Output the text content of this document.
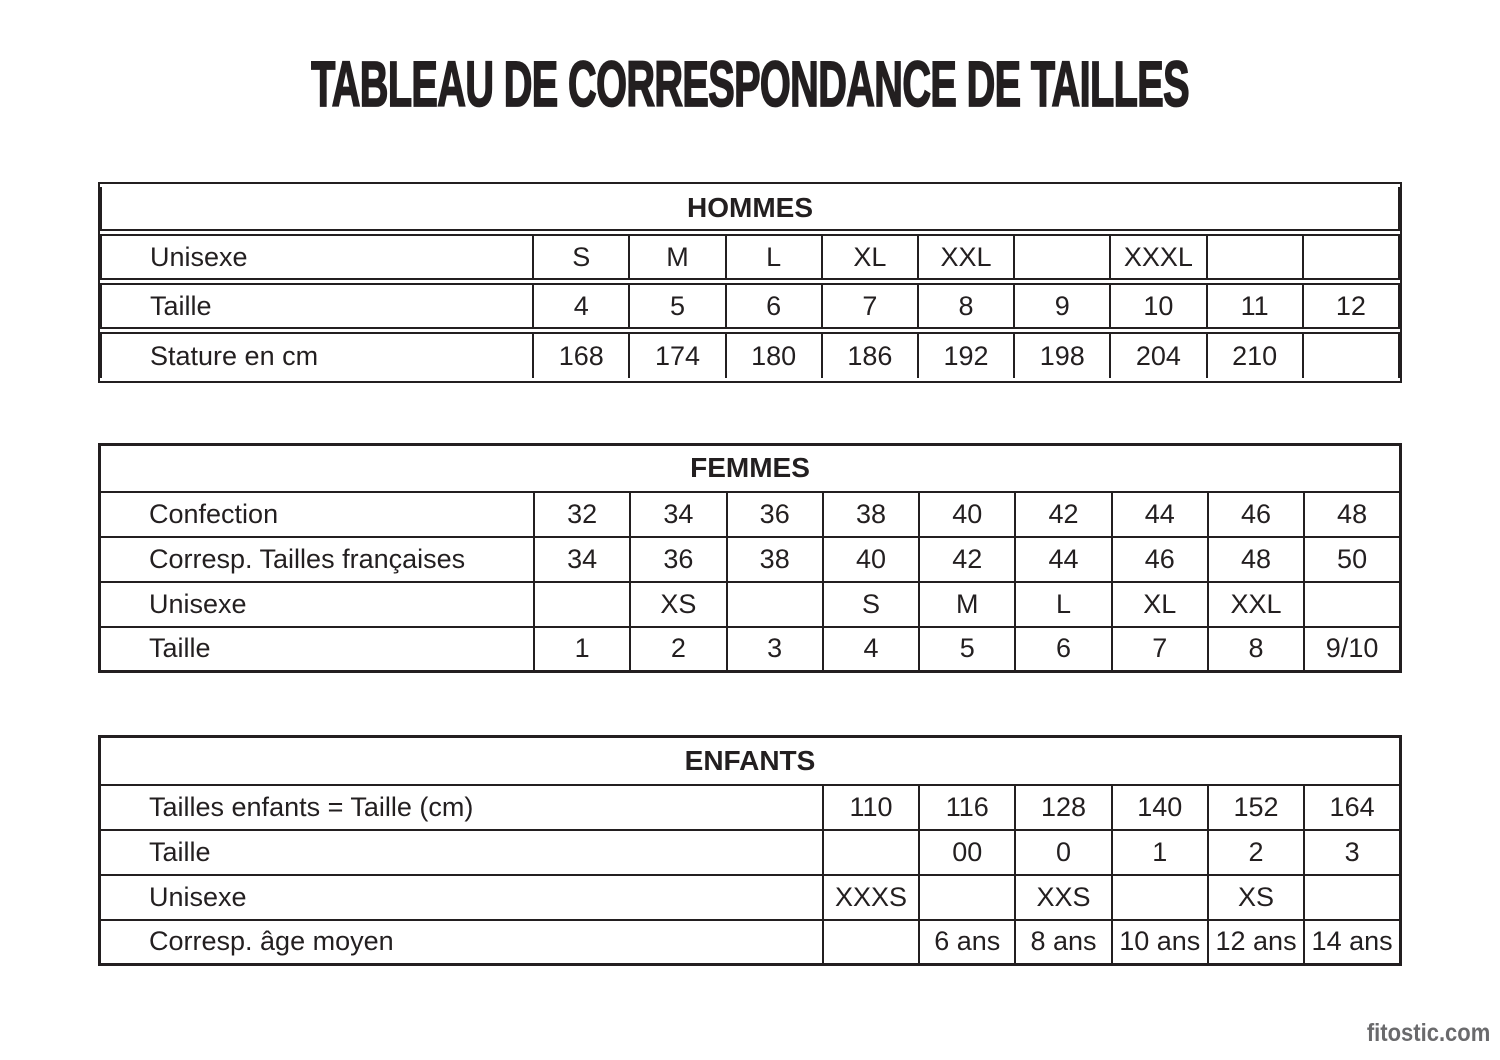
TABLEAU DE CORRESPONDANCE DE TAILLES
HOMMES									
Unisexe	S	M	L	XL	XXL		XXXL		
Taille	4	5	6	7	8	9	10	11	12
Stature en cm	168	174	180	186	192	198	204	210	
FEMMES									
Confection	32	34	36	38	40	42	44	46	48
Corresp. Tailles françaises	34	36	38	40	42	44	46	48	50
Unisexe		XS		S	M	L	XL	XXL	
Taille	1	2	3	4	5	6	7	8	9/10
ENFANTS						
Tailles enfants = Taille (cm)	110	116	128	140	152	164
Taille		00	0	1	2	3
Unisexe	XXXS		XXS		XS	
Corresp. âge moyen		6 ans	8 ans	10 ans	12 ans	14 ans
fitostic.com
